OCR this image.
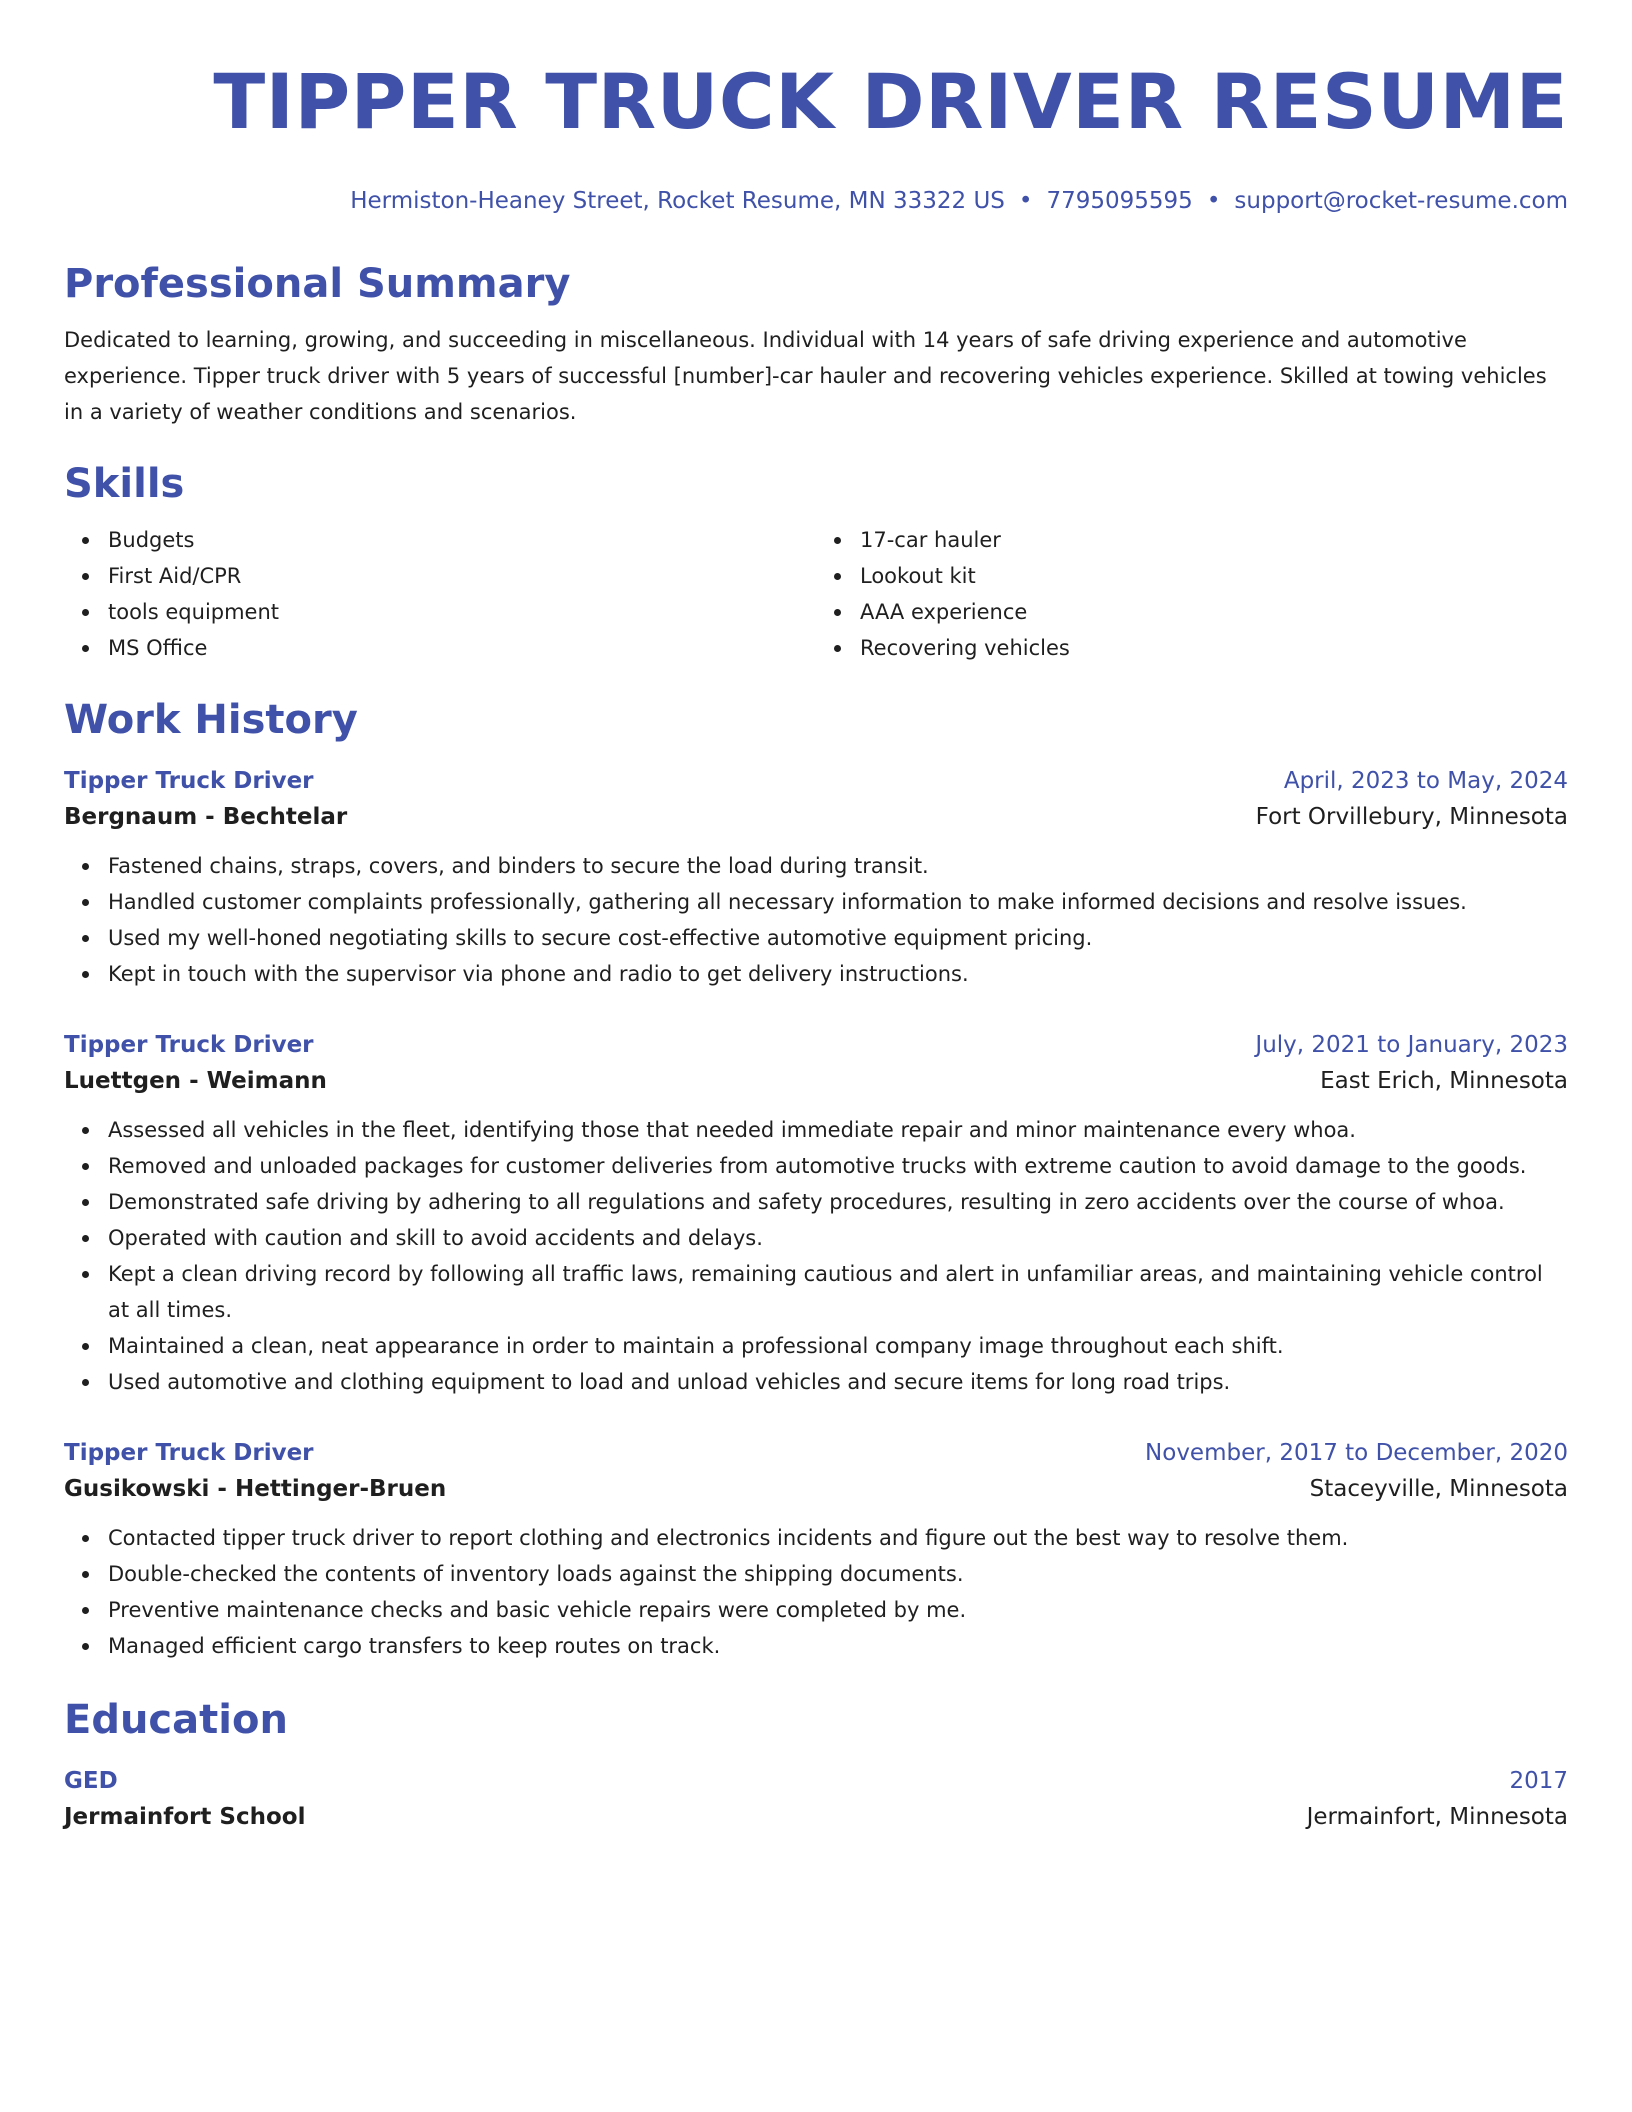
TIPPER TRUCK DRIVER RESUME
Hermiston-Heaney Street, Rocket Resume, MN 33322 US • 7795095595 • support@rocket-resume.com
Professional Summary
Dedicated to learning, growing, and succeeding in miscellaneous. Individual with 14 years of safe driving experience and automotive experience. Tipper truck driver with 5 years of successful [number]-car hauler and recovering vehicles experience. Skilled at towing vehicles in a variety of weather conditions and scenarios.
Skills
Budgets
First Aid/CPR
tools equipment
MS Office
17-car hauler
Lookout kit
AAA experience
Recovering vehicles
Work History
Tipper Truck Driver	April, 2023 to May, 2024
Bergnaum - Bechtelar	Fort Orvillebury, Minnesota
Fastened chains, straps, covers, and binders to secure the load during transit.
Handled customer complaints professionally, gathering all necessary information to make informed decisions and resolve issues.
Used my well-honed negotiating skills to secure cost-effective automotive equipment pricing.
Kept in touch with the supervisor via phone and radio to get delivery instructions.
Tipper Truck Driver	July, 2021 to January, 2023
Luettgen - Weimann	East Erich, Minnesota
Assessed all vehicles in the fleet, identifying those that needed immediate repair and minor maintenance every whoa.
Removed and unloaded packages for customer deliveries from automotive trucks with extreme caution to avoid damage to the goods.
Demonstrated safe driving by adhering to all regulations and safety procedures, resulting in zero accidents over the course of whoa.
Operated with caution and skill to avoid accidents and delays.
Kept a clean driving record by following all traffic laws, remaining cautious and alert in unfamiliar areas, and maintaining vehicle control at all times.
Maintained a clean, neat appearance in order to maintain a professional company image throughout each shift.
Used automotive and clothing equipment to load and unload vehicles and secure items for long road trips.
Tipper Truck Driver	November, 2017 to December, 2020
Gusikowski - Hettinger-Bruen	Staceyville, Minnesota
Contacted tipper truck driver to report clothing and electronics incidents and figure out the best way to resolve them.
Double-checked the contents of inventory loads against the shipping documents.
Preventive maintenance checks and basic vehicle repairs were completed by me.
Managed efficient cargo transfers to keep routes on track.
Education
GED	2017
Jermainfort School	Jermainfort, Minnesota
